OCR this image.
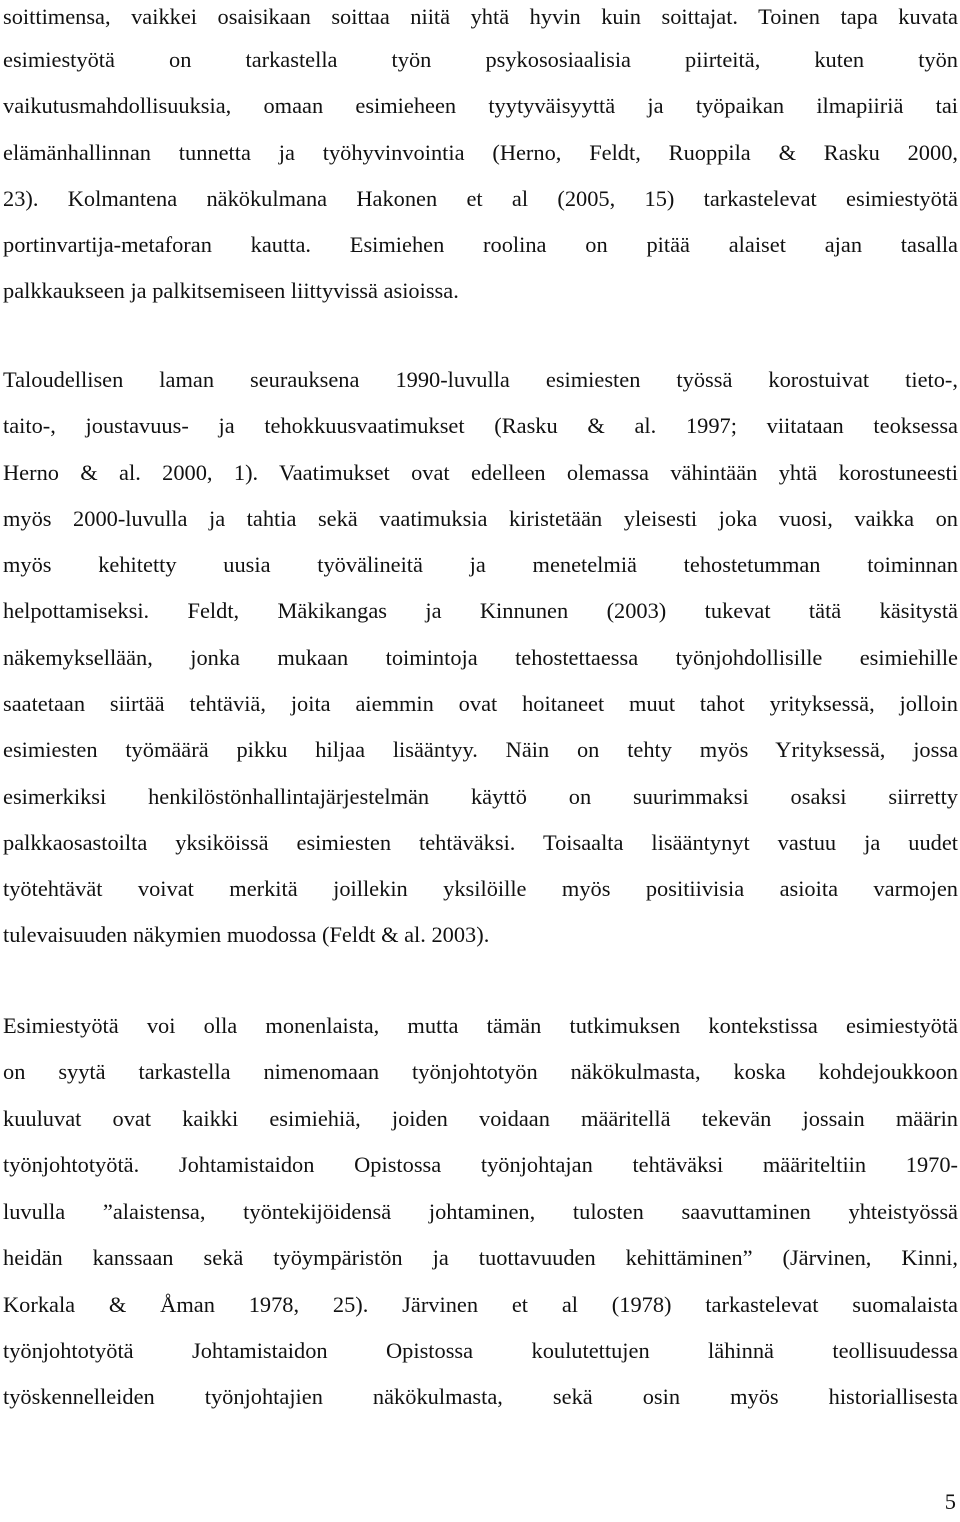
soittimensa, vaikkei osaisikaan soittaa niitä yhtä hyvin kuin soittajat. Toinen tapa kuvata
esimiestyötä on tarkastella työn psykososiaalisia piirteitä, kuten työn
vaikutusmahdollisuuksia, omaan esimieheen tyytyväisyyttä ja työpaikan ilmapiiriä tai
elämänhallinnan tunnetta ja työhyvinvointia (Herno, Feldt, Ruoppila & Rasku 2000,
23). Kolmantena näkökulmana Hakonen et al (2005, 15) tarkastelevat esimiestyötä
portinvartija-metaforan kautta. Esimiehen roolina on pitää alaiset ajan tasalla
palkkaukseen ja palkitsemiseen liittyvissä asioissa.
Taloudellisen laman seurauksena 1990-luvulla esimiesten työssä korostuivat tieto-,
taito-, joustavuus- ja tehokkuusvaatimukset (Rasku & al. 1997; viitataan teoksessa
Herno & al. 2000, 1). Vaatimukset ovat edelleen olemassa vähintään yhtä korostuneesti
myös 2000-luvulla ja tahtia sekä vaatimuksia kiristetään yleisesti joka vuosi, vaikka on
myös kehitetty uusia työvälineitä ja menetelmiä tehostetumman toiminnan
helpottamiseksi. Feldt, Mäkikangas ja Kinnunen (2003) tukevat tätä käsitystä
näkemyksellään, jonka mukaan toimintoja tehostettaessa työnjohdollisille esimiehille
saatetaan siirtää tehtäviä, joita aiemmin ovat hoitaneet muut tahot yrityksessä, jolloin
esimiesten työmäärä pikku hiljaa lisääntyy. Näin on tehty myös Yrityksessä, jossa
esimerkiksi henkilöstönhallintajärjestelmän käyttö on suurimmaksi osaksi siirretty
palkkaosastoilta yksiköissä esimiesten tehtäväksi. Toisaalta lisääntynyt vastuu ja uudet
työtehtävät voivat merkitä joillekin yksilöille myös positiivisia asioita varmojen
tulevaisuuden näkymien muodossa (Feldt & al. 2003).
Esimiestyötä voi olla monenlaista, mutta tämän tutkimuksen kontekstissa esimiestyötä
on syytä tarkastella nimenomaan työnjohtotyön näkökulmasta, koska kohdejoukkoon
kuuluvat ovat kaikki esimiehiä, joiden voidaan määritellä tekevän jossain määrin
työnjohtotyötä. Johtamistaidon Opistossa työnjohtajan tehtäväksi määriteltiin 1970-
luvulla ”alaistensa, työntekijöidensä johtaminen, tulosten saavuttaminen yhteistyössä
heidän kanssaan sekä työympäristön ja tuottavuuden kehittäminen” (Järvinen, Kinni,
Korkala & Åman 1978, 25). Järvinen et al (1978) tarkastelevat suomalaista
työnjohtotyötä Johtamistaidon Opistossa koulutettujen lähinnä teollisuudessa
työskennelleiden työnjohtajien näkökulmasta, sekä osin myös historiallisesta
5
